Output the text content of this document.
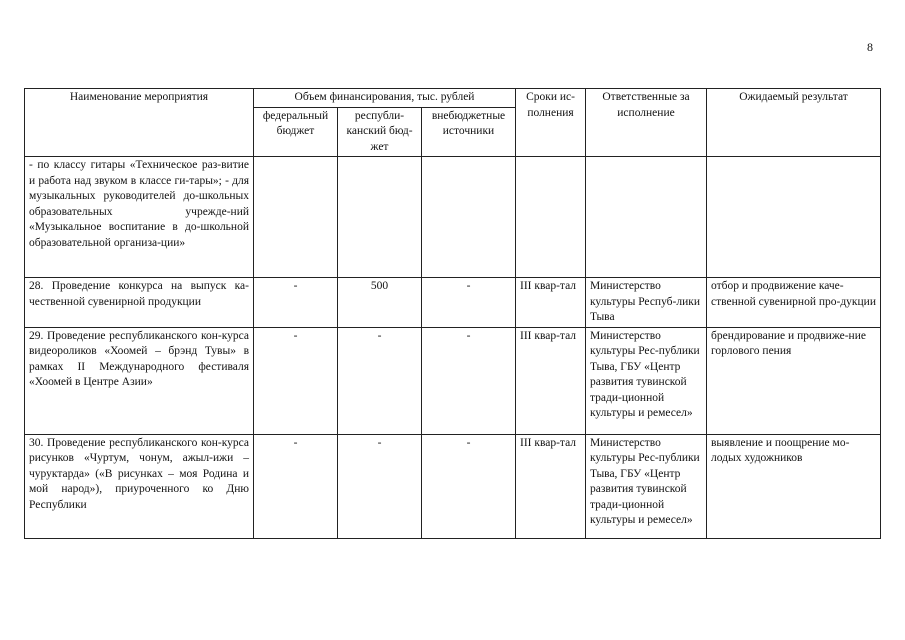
8
Наименование мероприятия	Объем финансирования, тыс. рублей			Сроки ис-полнения	Ответственные за исполнение	Ожидаемый результат
	федеральный бюджет	республи-канский бюд-жет	внебюджетные источники			
- по классу гитары «Техническое раз-витие и работа над звуком в классе ги-тары»; - для музыкальных руководителей до-школьных образовательных учрежде-ний «Музыкальное воспитание в до-школьной образовательной организа-ции»						
28. Проведение конкурса на выпуск ка-чественной сувенирной продукции	-	500	-	III квар-тал	Министерство культуры Респуб-лики Тыва	отбор и продвижение каче-ственной сувенирной про-дукции
29. Проведение республиканского кон-курса видеороликов «Хоомей – брэнд Тувы» в рамках II Международного фестиваля «Хоомей в Центре Азии»	-	-	-	III квар-тал	Министерство культуры Рес-публики Тыва, ГБУ «Центр развития тувинской тради-ционной культуры и ремесел»	брендирование и продвиже-ние горлового пения
30. Проведение республиканского кон-курса рисунков «Чуртум, чонум, ажыл-ижи – чуруктарда» («В рисунках – моя Родина и мой народ»), приуроченного ко Дню Республики	-	-	-	III квар-тал	Министерство культуры Рес-публики Тыва, ГБУ «Центр развития тувинской тради-ционной культуры и ремесел»	выявление и поощрение мо-лодых художников
